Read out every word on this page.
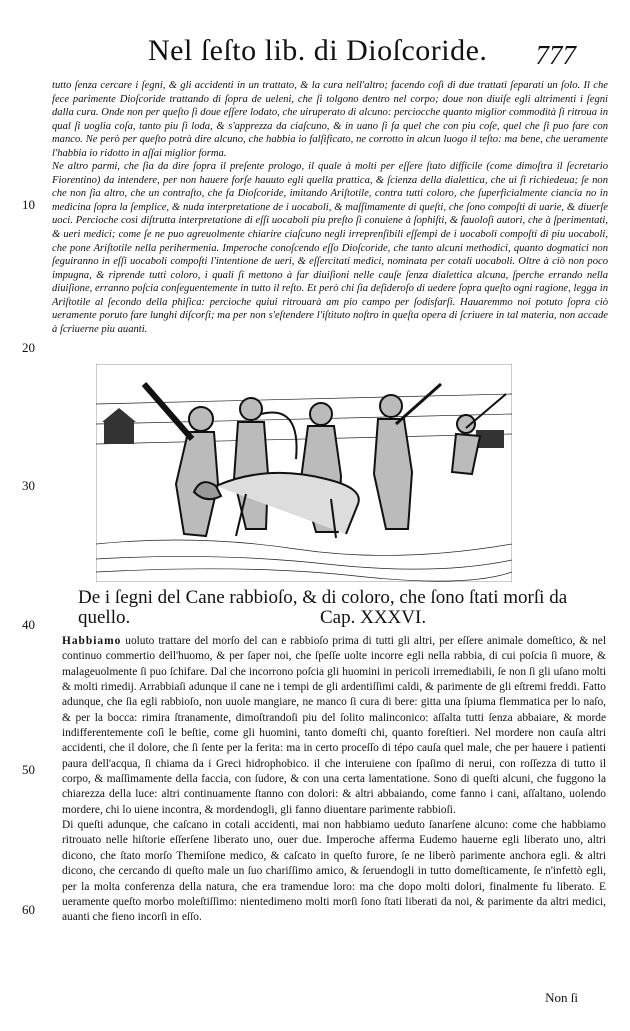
Nel ſeſto lib. di Dioſcoride. 777
10
20
30
40
50
60

tutto ſenza cercare i ſegni, & gli accidenti in un trattato, & la cura nell'altro; facendo coſì di due trattati ſeparati un ſolo. Il che fece parimente Dioſcoride trattando di ſopra de ueleni, che ſi tolgono dentro nel corpo; doue non diuiſe egli altrimenti i ſegni dalla cura. Onde non per queſto ſi doue eſſere lodato, che uiruperato di alcuno: perciocche quanto miglior commodità ſi ritroua in qual ſi uoglia coſa, tanto piu ſi loda, & s'apprezza da ciaſcuno, & in uano ſi fa quel che con piu coſe, quel che ſi puo fare con manco. Ne però per queſto potrà dire alcuno, che habbia io falſificato, ne corrotto in alcun luogo il teſto: ma bene, che ueramente l'habbia io ridotto in aſſai miglior forma.

Ne altro parmi, che ſia da dire ſopra il preſente prologo, il quale à molti per eſſere ſtato difficile (come dimoſtra il ſecretario Fiorentino) da intendere, per non hauere forſe hauuto egli quella prattica, & ſcienza della dialettica, che ui ſi richiedeua; ſe non che non ſia altro, che un contraſto, che fa Dioſcoride, imitando Ariſtotile, contra tutti coloro, che ſuperficialmente ciancia no in medicina ſopra la ſemplice, & nuda interpretatione de i uocaboli, & maſſimamente di queſti, che ſono compoſti di uarie, & diuerſe uoci. Percioche così diſtrutta interpretatione di eſſi uocaboli piu preſto ſi conuiene à ſophiſti, & fauoloſi autori, che à ſperimentati, & ueri medici; come ſe ne puo agreuolmente chiarire ciaſcuno negli irreprenſibili eſſempi de i uocaboli compoſti di piu uocaboli, che pone Ariſtotile nella perihermenia. Imperoche conoſcendo eſſo Dioſcoride, che tanto alcuni methodici, quanto dogmatici non ſeguiranno in eſſi uocaboli compoſti l'intentione de ueri, & eſſercitati medici, nominata per cotali uocaboli. Oltre à ciò non poco impugna, & riprende tutti coloro, i quali ſi mettono à far diuiſioni nelle cauſe ſenza dialettica alcuna, ſperche errando nella diuiſione, erranno poſcia conſeguentemente in tutto il reſto. Et però chi ſia deſideroſo di uedere ſopra queſto ogni ragione, legga in Ariſtotile al ſecondo della phiſica: percioche quiui ritrouarà am pio campo per ſodisfarſi. Hauaremmo noi potuto ſopra ciò ueramente poruto fare lunghi diſcorſi; ma per non s'eſtendere l'iſtituto noſtro in queſta opera di ſcriuere in tal materia, non accade à ſcriuerne piu auanti.

De i ſegni del Cane rabbioſo, & di coloro, che ſono ſtati morſi da
quello.	Cap. XXXVI.

Habbiamo uoluto trattare del morſo del can e rabbioſo prima di tutti gli altri, per eſſere animale domeſtico, & nel continuo commertio dell'huomo, & per ſaper noi, che ſpeſſe uolte incorre egli nella rabbia, di cui poſcia ſi muore, & malageuolmente ſi puo ſchifare. Dal che incorrono poſcia gli huomini in pericoli irremediabili, ſe non ſi gli uſano molti & molti rimedij. Arrabbiaſi adunque il cane ne i tempi de gli ardentiſſimi caldi, & parimente de gli eſtremi freddi. Fatto adunque, che ſia egli rabbioſo, non uuole mangiare, ne manco ſi cura di bere: gitta una ſpiuma flemmatica per lo naſo, & per la bocca: rimira ſtranamente, dimoſtrandoſi piu del ſolito malinconico: aſſalta tutti ſenza abbaiare, & morde indifferentemente coſì le beſtie, come gli huomini, tanto domeſti chi, quanto foreſtieri. Nel mordere non cauſa altri accidenti, che il dolore, che ſi ſente per la ferita: ma in certo proceſſo di tépo cauſa quel male, che per hauere i patienti paura dell'acqua, ſi chiama da i Greci hidrophobico. il che interuiene con ſpaſimo di nerui, con roſſezza di tutto il corpo, & maſſimamente della faccia, con ſudore, & con una certa lamentatione. Sono di queſti alcuni, che fuggono la chiarezza della luce: altri continuamente ſtanno con dolori: & altri abbaiando, come fanno i cani, aſſaltano, uolendo mordere, chi lo uiene incontra, & mordendogli, gli fanno diuentare parimente rabbioſi.

Di queſti adunque, che caſcano in cotali accidenti, mai non habbiamo ueduto ſanarſene alcuno: come che habbiamo ritrouato nelle hiſtorie eſſerſene liberato uno, ouer due. Imperoche afferma Eudemo hauerne egli liberato uno, altri dicono, che ſtato morſo Themiſone medico, & caſcato in queſto furore, ſe ne liberò parimente anchora egli. & altri dicono, che cercando di queſto male un ſuo chariſſimo amico, & ſeruendogli in tutto domeſticamente, ſe n'infettò egli, per la molta conferenza della natura, che era tramendue loro: ma che dopo molti dolori, finalmente fu liberato. E ueramente queſto morbo moleſtiſſimo: nientedimeno molti morſi ſono ſtati liberati da noi, & parimente da altri medici, auanti che fieno incorſi in eſſo.

Non ſi
